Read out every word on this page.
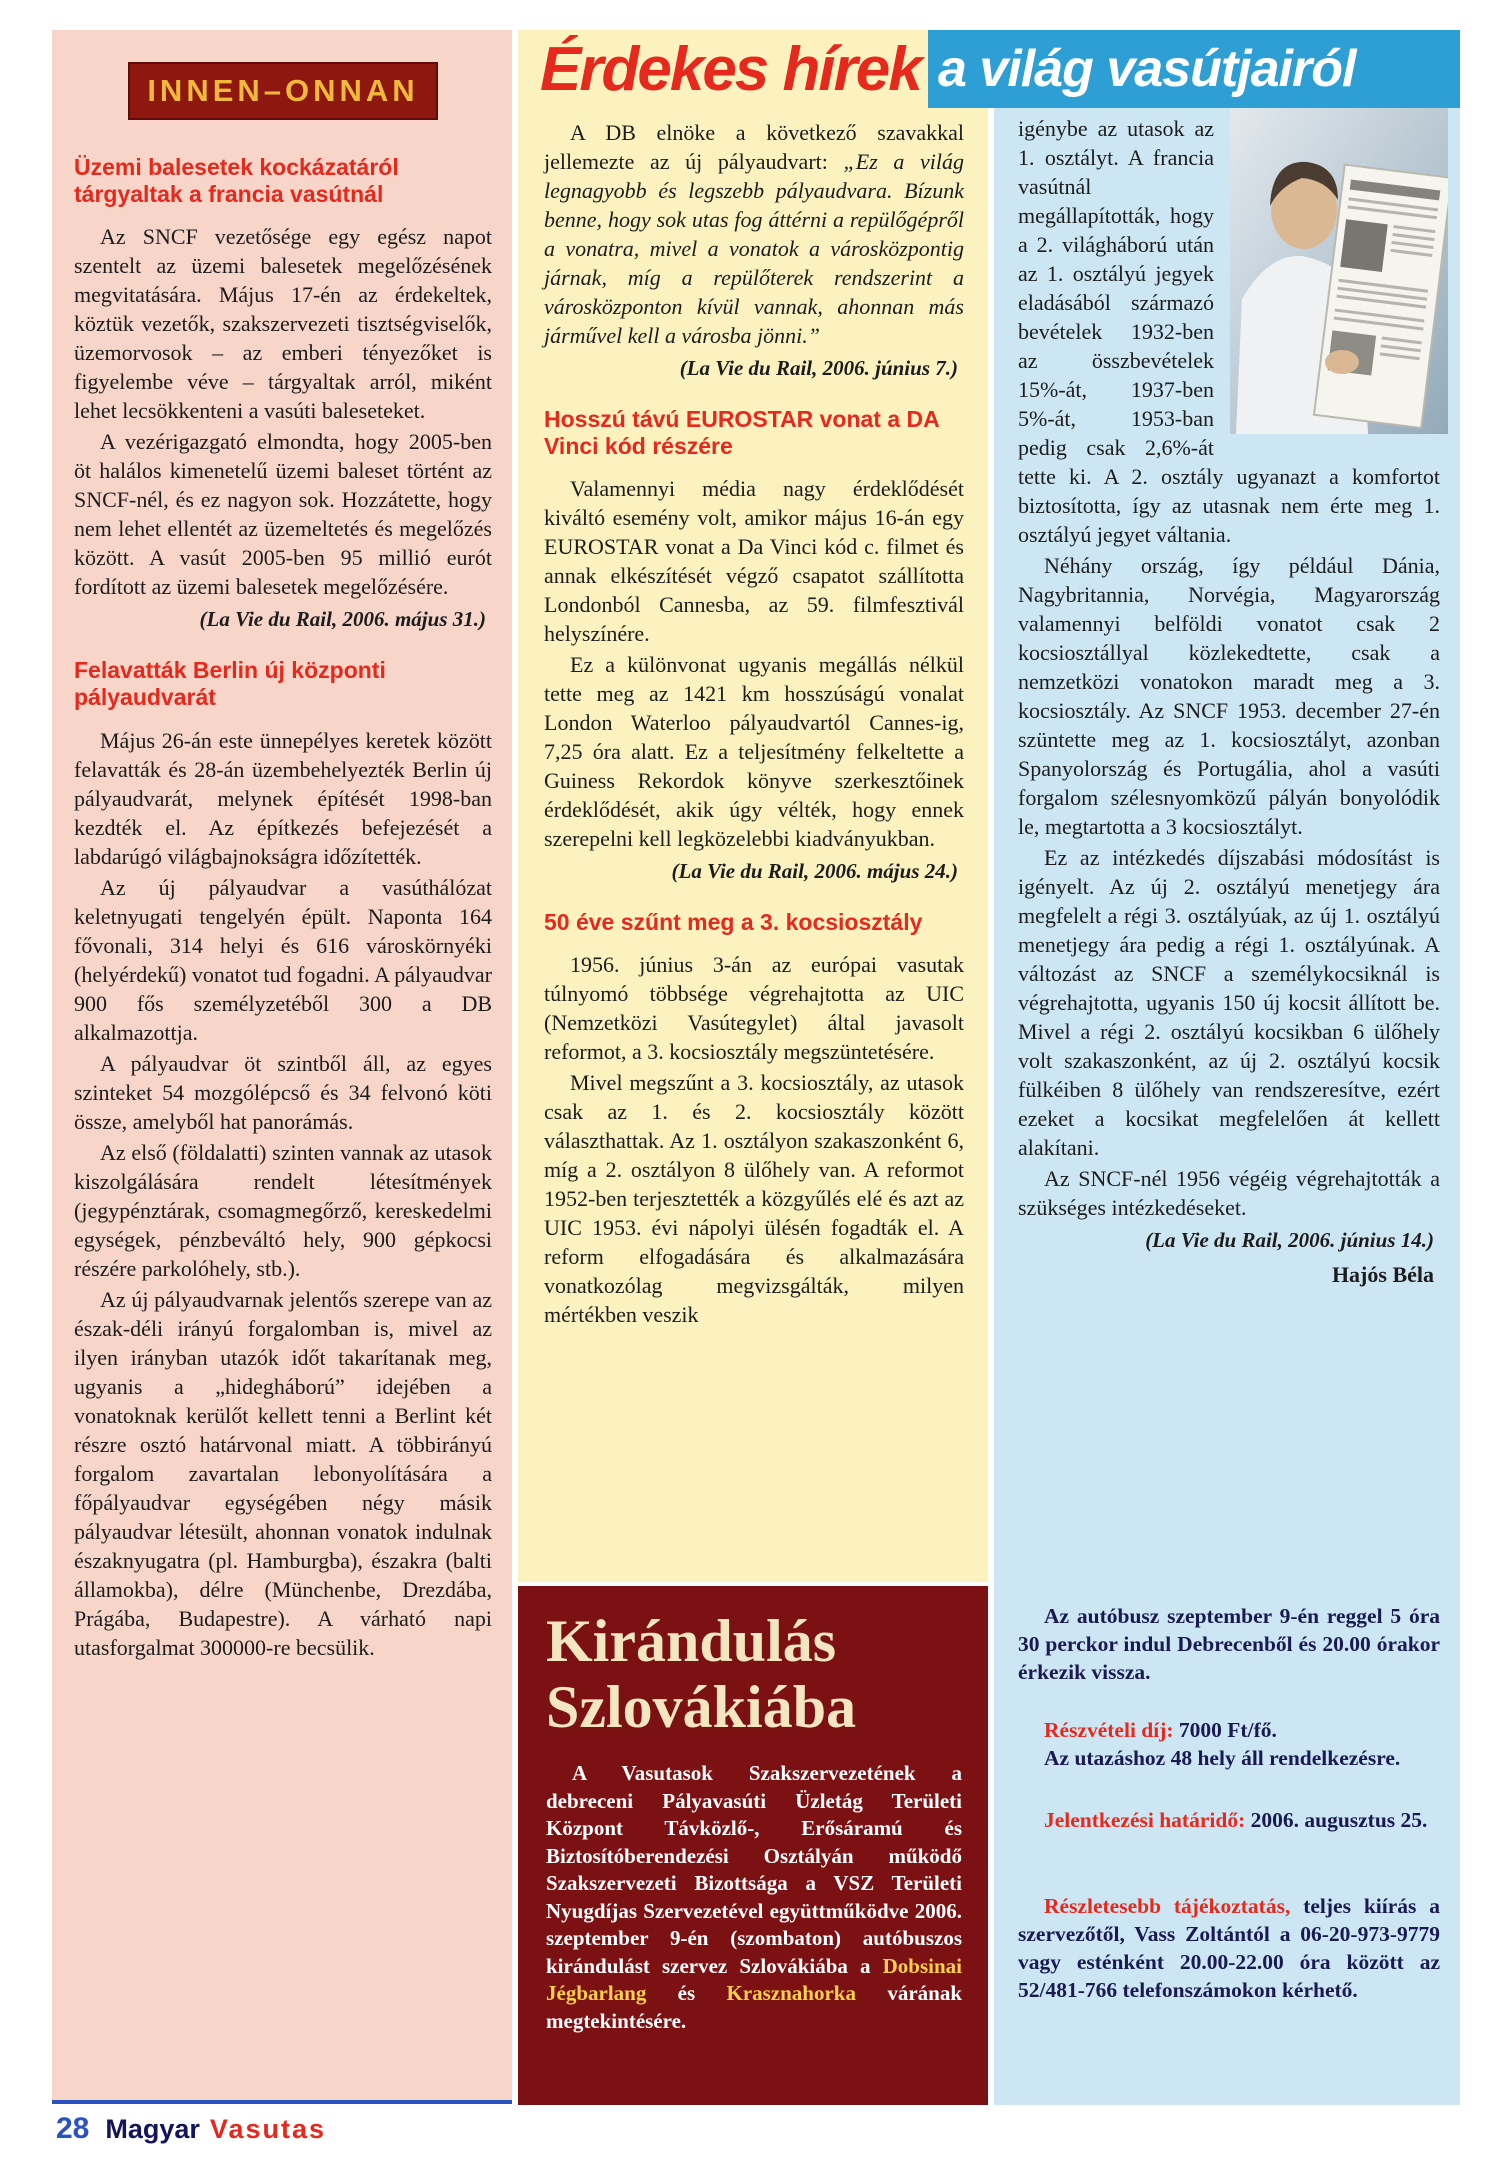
Érdekes hírek a világ vasútjairól
INNEN–ONNAN
Üzemi balesetek kockázatáról tárgyaltak a francia vasútnál

Az SNCF vezetősége egy egész napot szentelt az üzemi balesetek megelőzésének megvitatására. Május 17-én az érdekeltek, köztük vezetők, szakszervezeti tisztségviselők, üzemorvosok – az emberi tényezőket is figyelembe véve – tárgyaltak arról, miként lehet lecsökkenteni a vasúti baleseteket.

A vezérigazgató elmondta, hogy 2005-ben öt halálos kimenetelű üzemi baleset történt az SNCF-nél, és ez nagyon sok. Hozzátette, hogy nem lehet ellentét az üzemeltetés és megelőzés között. A vasút 2005-ben 95 millió eurót fordított az üzemi balesetek megelőzésére.

(La Vie du Rail, 2006. május 31.)

Felavatták Berlin új központi pályaudvarát

Május 26-án este ünnepélyes keretek között felavatták és 28-án üzembehelyezték Berlin új pályaudvarát, melynek építését 1998-ban kezdték el. Az építkezés befejezését a labdarúgó világbajnokságra időzítették.

Az új pályaudvar a vasúthálózat keletnyugati tengelyén épült. Naponta 164 fővonali, 314 helyi és 616 városkörnyéki (helyérdekű) vonatot tud fogadni. A pályaudvar 900 fős személyzetéből 300 a DB alkalmazottja.

A pályaudvar öt szintből áll, az egyes szinteket 54 mozgólépcső és 34 felvonó köti össze, amelyből hat panorámás.

Az első (földalatti) szinten vannak az utasok kiszolgálására rendelt létesítmények (jegypénztárak, csomagmegőrző, kereskedelmi egységek, pénzbeváltó hely, 900 gépkocsi részére parkolóhely, stb.).

Az új pályaudvarnak jelentős szerepe van az észak-déli irányú forgalomban is, mivel az ilyen irányban utazók időt takarítanak meg, ugyanis a „hidegháború” idejében a vonatoknak kerülőt kellett tenni a Berlint két részre osztó határvonal miatt. A többirányú forgalom zavartalan lebonyolítására a főpályaudvar egységében négy másik pályaudvar létesült, ahonnan vonatok indulnak északnyugatra (pl. Hamburgba), északra (balti államokba), délre (Münchenbe, Drezdába, Prágába, Budapestre). A várható napi utasforgalmat 300000-re becsülik.

A DB elnöke a következő szavakkal jellemezte az új pályaudvart: „Ez a világ legnagyobb és legszebb pályaudvara. Bízunk benne, hogy sok utas fog áttérni a repülőgépről a vonatra, mivel a vonatok a városközpontig járnak, míg a repülőterek rendszerint a városközponton kívül vannak, ahonnan más járművel kell a városba jönni.”

(La Vie du Rail, 2006. június 7.)

Hosszú távú EUROSTAR vonat a DA Vinci kód részére

Valamennyi média nagy érdeklődését kiváltó esemény volt, amikor május 16-án egy EUROSTAR vonat a Da Vinci kód c. filmet és annak elkészítését végző csapatot szállította Londonból Cannesba, az 59. filmfesztivál helyszínére.

Ez a különvonat ugyanis megállás nélkül tette meg az 1421 km hosszúságú vonalat London Waterloo pályaudvartól Cannes-ig, 7,25 óra alatt. Ez a teljesítmény felkeltette a Guiness Rekordok könyve szerkesztőinek érdeklődését, akik úgy vélték, hogy ennek szerepelni kell legközelebbi kiadványukban.

(La Vie du Rail, 2006. május 24.)

50 éve szűnt meg a 3. kocsiosztály

1956. június 3-án az európai vasutak túlnyomó többsége végrehajtotta az UIC (Nemzetközi Vasútegylet) által javasolt reformot, a 3. kocsiosztály megszüntetésére.

Mivel megszűnt a 3. kocsiosztály, az utasok csak az 1. és 2. kocsiosztály között választhattak. Az 1. osztályon szakaszonként 6, míg a 2. osztályon 8 ülőhely van. A reformot 1952-ben terjesztették a közgyűlés elé és azt az UIC 1953. évi nápolyi ülésén fogadták el. A reform elfogadására és alkalmazására vonatkozólag megvizsgálták, milyen mértékben veszik

igénybe az utasok az 1. osztályt. A francia vasútnál megállapították, hogy a 2. világháború után az 1. osztályú jegyek eladásából származó bevételek 1932-ben az összbevételek 15%-át, 1937-ben 5%-át, 1953-ban pedig csak 2,6%-át tette ki. A 2. osztály ugyanazt a komfortot biztosította, így az utasnak nem érte meg 1. osztályú jegyet váltania.

Néhány ország, így például Dánia, Nagybritannia, Norvégia, Magyarország valamennyi belföldi vonatot csak 2 kocsiosztállyal közlekedtette, csak a nemzetközi vonatokon maradt meg a 3. kocsiosztály. Az SNCF 1953. december 27-én szüntette meg az 1. kocsiosztályt, azonban Spanyolország és Portugália, ahol a vasúti forgalom szélesnyomközű pályán bonyolódik le, megtartotta a 3 kocsiosztályt.

Ez az intézkedés díjszabási módosítást is igényelt. Az új 2. osztályú menetjegy ára megfelelt a régi 3. osztályúak, az új 1. osztályú menetjegy ára pedig a régi 1. osztályúnak. A változást az SNCF a személykocsiknál is végrehajtotta, ugyanis 150 új kocsit állított be. Mivel a régi 2. osztályú kocsikban 6 ülőhely volt szakaszonként, az új 2. osztályú kocsik fülkéiben 8 ülőhely van rendszeresítve, ezért ezeket a kocsikat megfelelően át kellett alakítani.

Az SNCF-nél 1956 végéig végrehajtották a szükséges intézkedéseket.

(La Vie du Rail, 2006. június 14.)

Hajós Béla

Kirándulás Szlovákiába

A Vasutasok Szakszervezetének a debreceni Pályavasúti Üzletág Területi Központ Távközlő-, Erősáramú és Biztosítóberendezési Osztályán működő Szakszervezeti Bizottsága a VSZ Területi Nyugdíjas Szervezetével együttműködve 2006. szeptember 9-én (szombaton) autóbuszos kirándulást szervez Szlovákiába a Dobsinai Jégbarlang és Krasznahorka várának megtekintésére.

Az autóbusz szeptember 9-én reggel 5 óra 30 perckor indul Debrecenből és 20.00 órakor érkezik vissza.

Részvételi díj: 7000 Ft/fő.

Az utazáshoz 48 hely áll rendelkezésre.

Jelentkezési határidő: 2006. augusztus 25.

Részletesebb tájékoztatás, teljes kiírás a szervezőtől, Vass Zoltántól a 06-20-973-9779 vagy esténként 20.00-22.00 óra között az 52/481-766 telefonszámokon kérhető.

28 Magyar Vasutas
